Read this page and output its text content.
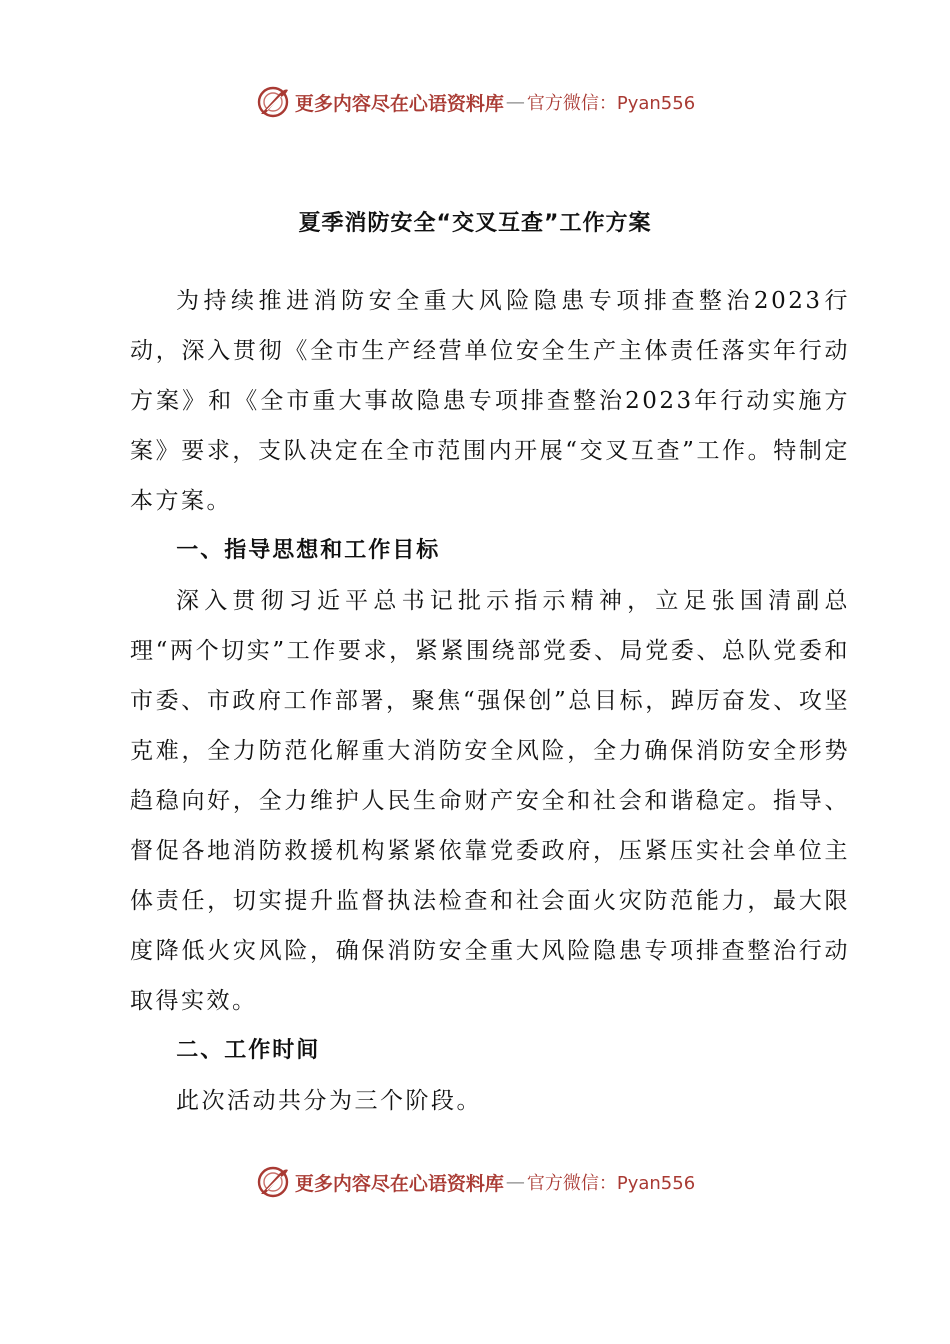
更多内容尽在心语资料库 — 官方微信：Pyan556
夏季消防安全“交叉互查”工作方案

为持续推进消防安全重大风险隐患专项排查整治2023行动，深入贯彻《全市生产经营单位安全生产主体责任落实年行动方案》和《全市重大事故隐患专项排查整治2023年行动实施方案》要求，支队决定在全市范围内开展“交叉互查”工作。特制定本方案。

一、指导思想和工作目标

深入贯彻习近平总书记批示指示精神，立足张国清副总理“两个切实”工作要求，紧紧围绕部党委、局党委、总队党委和市委、市政府工作部署，聚焦“强保创”总目标，踔厉奋发、攻坚克难，全力防范化解重大消防安全风险，全力确保消防安全形势趋稳向好，全力维护人民生命财产安全和社会和谐稳定。指导、督促各地消防救援机构紧紧依靠党委政府，压紧压实社会单位主体责任，切实提升监督执法检查和社会面火灾防范能力，最大限度降低火灾风险，确保消防安全重大风险隐患专项排查整治行动取得实效。

二、工作时间

此次活动共分为三个阶段。

更多内容尽在心语资料库 — 官方微信：Pyan556
